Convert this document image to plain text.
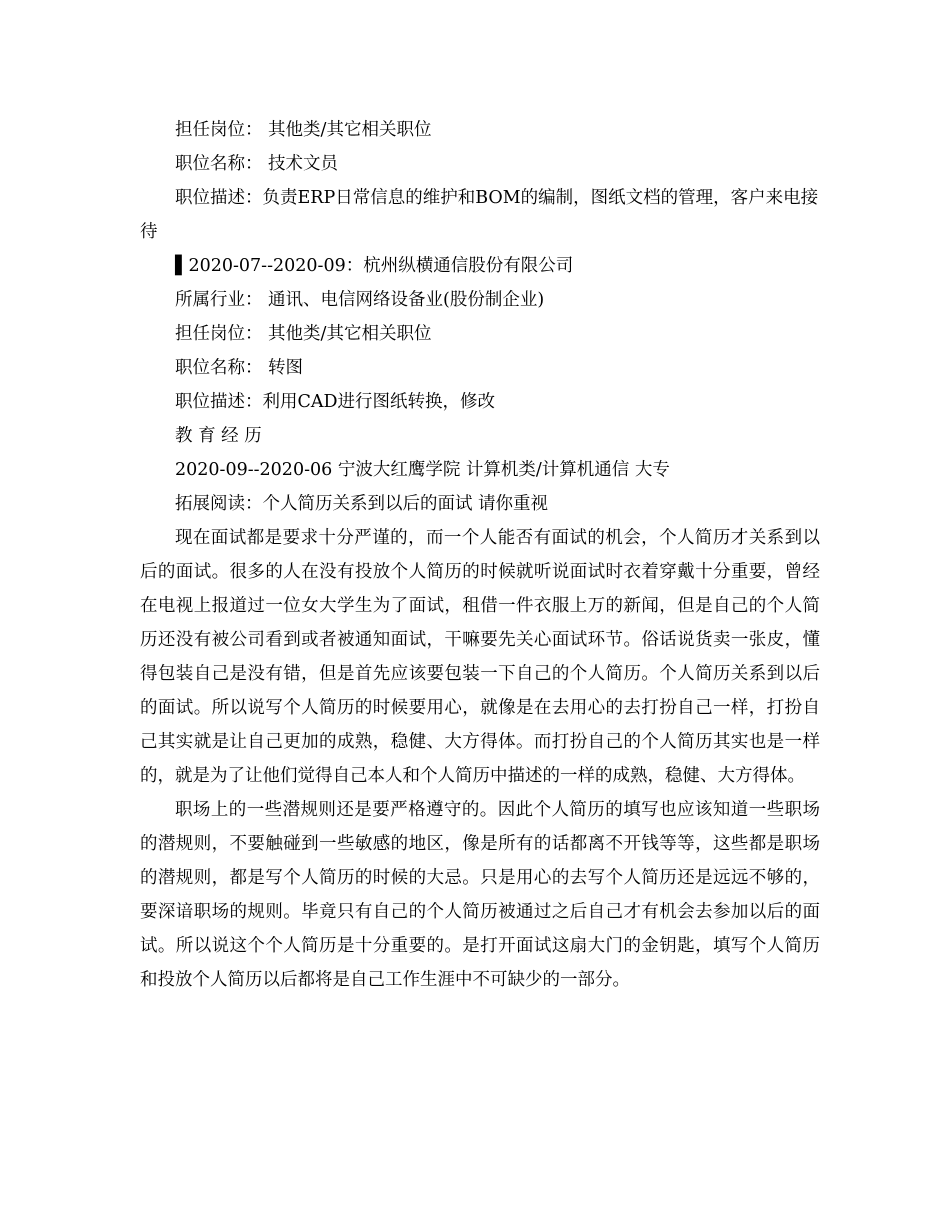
担任岗位： 其他类/其它相关职位
职位名称： 技术文员
职位描述：负责ERP日常信息的维护和BOM的编制，图纸文档的管理，客户来电接待
▌2020-07--2020-09：杭州纵横通信股份有限公司
所属行业： 通讯、电信网络设备业(股份制企业)
担任岗位： 其他类/其它相关职位
职位名称： 转图
职位描述：利用CAD进行图纸转换，修改
教 育 经 历
2020-09--2020-06 宁波大红鹰学院 计算机类/计算机通信 大专
拓展阅读：个人简历关系到以后的面试 请你重视
现在面试都是要求十分严谨的，而一个人能否有面试的机会，个人简历才关系到以后的面试。很多的人在没有投放个人简历的时候就听说面试时衣着穿戴十分重要，曾经在电视上报道过一位女大学生为了面试，租借一件衣服上万的新闻，但是自己的个人简历还没有被公司看到或者被通知面试，干嘛要先关心面试环节。俗话说货卖一张皮，懂得包装自己是没有错，但是首先应该要包装一下自己的个人简历。个人简历关系到以后的面试。所以说写个人简历的时候要用心，就像是在去用心的去打扮自己一样，打扮自己其实就是让自己更加的成熟，稳健、大方得体。而打扮自己的个人简历其实也是一样的，就是为了让他们觉得自己本人和个人简历中描述的一样的成熟，稳健、大方得体。
职场上的一些潜规则还是要严格遵守的。因此个人简历的填写也应该知道一些职场的潜规则，不要触碰到一些敏感的地区，像是所有的话都离不开钱等等，这些都是职场的潜规则，都是写个人简历的时候的大忌。只是用心的去写个人简历还是远远不够的，要深谙职场的规则。毕竟只有自己的个人简历被通过之后自己才有机会去参加以后的面试。所以说这个个人简历是十分重要的。是打开面试这扇大门的金钥匙，填写个人简历和投放个人简历以后都将是自己工作生涯中不可缺少的一部分。
